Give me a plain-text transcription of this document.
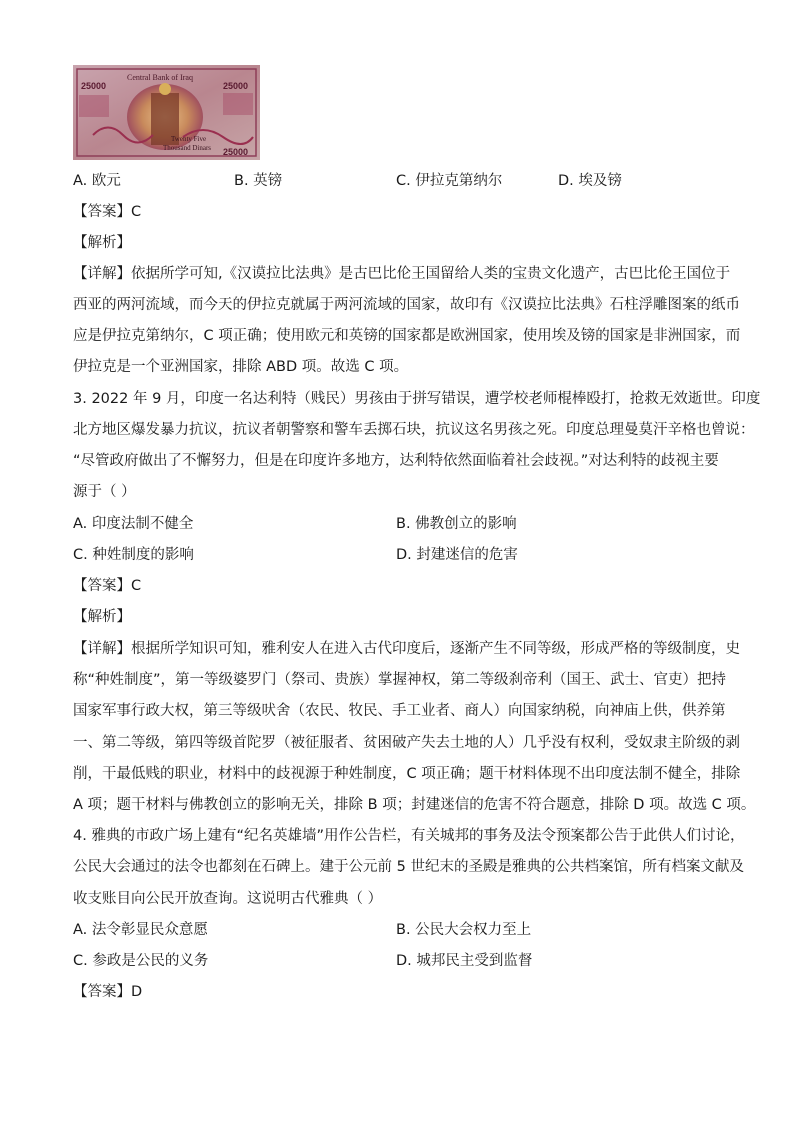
Central Bank of Iraq
25000	25000
25000
Twenty Five
Thousand Dinars
A. 欧元	B. 英镑	C. 伊拉克第纳尔	D. 埃及镑
【答案】C
【解析】
【详解】依据所学可知,《汉谟拉比法典》是古巴比伦王国留给人类的宝贵文化遗产，古巴比伦王国位于
西亚的两河流域，而今天的伊拉克就属于两河流域的国家，故印有《汉谟拉比法典》石柱浮雕图案的纸币
应是伊拉克第纳尔，C 项正确；使用欧元和英镑的国家都是欧洲国家，使用埃及镑的国家是非洲国家，而
伊拉克是一个亚洲国家，排除 ABD 项。故选 C 项。
3. 2022 年 9 月，印度一名达利特（贱民）男孩由于拼写错误，遭学校老师棍棒殴打，抢救无效逝世。印度
北方地区爆发暴力抗议，抗议者朝警察和警车丢掷石块，抗议这名男孩之死。印度总理曼莫汗辛格也曾说：
“尽管政府做出了不懈努力，但是在印度许多地方，达利特依然面临着社会歧视。”对达利特的歧视主要
源于（ ）
A. 印度法制不健全	B. 佛教创立的影响
C. 种姓制度的影响	D. 封建迷信的危害
【答案】C
【解析】
【详解】根据所学知识可知，雅利安人在进入古代印度后，逐渐产生不同等级，形成严格的等级制度，史
称“种姓制度”，第一等级婆罗门（祭司、贵族）掌握神权，第二等级刹帝利（国王、武士、官吏）把持
国家军事行政大权，第三等级吠舍（农民、牧民、手工业者、商人）向国家纳税，向神庙上供，供养第
一、第二等级，第四等级首陀罗（被征服者、贫困破产失去土地的人）几乎没有权利，受奴隶主阶级的剥
削，干最低贱的职业，材料中的歧视源于种姓制度，C 项正确；题干材料体现不出印度法制不健全，排除
A 项；题干材料与佛教创立的影响无关，排除 B 项；封建迷信的危害不符合题意，排除 D 项。故选 C 项。
4. 雅典的市政广场上建有“纪名英雄墙”用作公告栏，有关城邦的事务及法令预案都公告于此供人们讨论，
公民大会通过的法令也都刻在石碑上。建于公元前 5 世纪末的圣殿是雅典的公共档案馆，所有档案文献及
收支账目向公民开放查询。这说明古代雅典（ ）
A. 法令彰显民众意愿	B. 公民大会权力至上
C. 参政是公民的义务	D. 城邦民主受到监督
【答案】D
